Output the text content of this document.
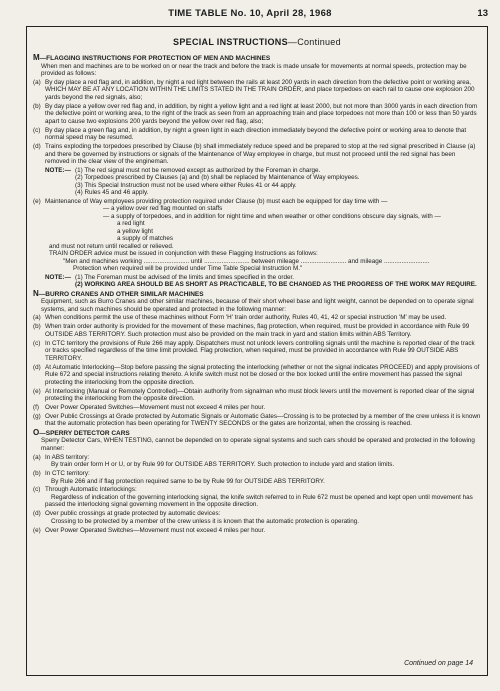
TIME TABLE No. 10, April 28, 1968	13
SPECIAL INSTRUCTIONS—Continued
M—FLAGGING INSTRUCTIONS FOR PROTECTION OF MEN AND MACHINES

When men and machines are to be worked on or near the track and before the track is made unsafe for movements at normal speeds, protection may be provided as follows:

(a) By day place a red flag and, in addition, by night a red light between the rails at least 200 yards in each direction from the defective point or working area, WHICH MAY BE AT ANY LOCATION WITHIN THE LIMITS STATED IN THE TRAIN ORDER, and place torpedoes on each rail to cause one explosion 200 yards beyond the red signals, also;
(b) By day place a yellow over red flag and, in addition, by night a yellow light and a red light at least 2000, but not more than 3000 yards in each direction from the defective point or working area, to the right of the track as seen from an approaching train and place torpedoes not more than 100 or less than 50 yards apart to cause two explosions 200 yards beyond the yellow over red flag, also;
(c) By day place a green flag and, in addition, by night a green light in each direction immediately beyond the defective point or working area to denote that normal speed may be resumed.
(d) Trains exploding the torpedoes prescribed by Clause (b) shall immediately reduce speed and be prepared to stop at the red signal prescribed in Clause (a) and there be governed by instructions or signals of the Maintenance of Way employee in charge, but must not proceed until the red signal has been removed in the clear view of the engineman.
NOTE:— (1) The red signal must not be removed except as authorized by the Foreman in charge.
(2) Torpedoes prescribed by Clauses (a) and (b) shall be replaced by Maintenance of Way employees.
(3) This Special Instruction must not be used where either Rules 41 or 44 apply.
(4) Rules 45 and 46 apply.
(e) Maintenance of Way employees providing protection required under Clause (b) must each be equipped for day time with —
— a yellow over red flag mounted on staffs
— a supply of torpedoes, and in addition for night time and when weather or other conditions obscure day signals, with —
a red light
a yellow light
a supply of matches

and must not return until recalled or relieved.

TRAIN ORDER advice must be issued in conjunction with these Flagging Instructions as follows:

"Men and machines working .......................... until .......................... between mileage .......................... and mileage ..........................

Protection when required will be provided under Time Table Special Instruction M."

NOTE:— (1) The Foreman must be advised of the limits and times specified in the order.
(2) WORKING AREA SHOULD BE AS SHORT AS PRACTICABLE, TO BE CHANGED AS THE PROGRESS OF THE WORK MAY REQUIRE.
N—BURRO CRANES AND OTHER SIMILAR MACHINES

Equipment, such as Burro Cranes and other similar machines, because of their short wheel base and light weight, cannot be depended on to operate signal systems, and such machines should be operated and protected in the following manner:

(a) When conditions permit the use of these machines without Form 'H' train order authority, Rules 40, 41, 42 or special instruction 'M' may be used.
(b) When train order authority is provided for the movement of these machines, flag protection, when required, must be provided in accordance with Rule 99 OUTSIDE ABS TERRITORY. Such protection must also be provided on the main track in yard and station limits within ABS Territory.
(c) In CTC territory the provisions of Rule 266 may apply. Dispatchers must not unlock levers controlling signals until the machine is reported clear of the track or tracks specified regardless of the time limit provided. Flag protection, when required, must be provided in accordance with Rule 99 OUTSIDE ABS TERRITORY.
(d) At Automatic Interlocking—Stop before passing the signal protecting the interlocking (whether or not the signal indicates PROCEED) and apply provisions of Rule 672 and special instructions relating thereto. A knife switch must not be closed or the box locked until the entire movement has passed the signal protecting the interlocking from the opposite direction.
(e) At Interlocking (Manual or Remotely Controlled)—Obtain authority from signalman who must block levers until the movement is reported clear of the signal protecting the interlocking from the opposite direction.
(f) Over Power Operated Switches—Movement must not exceed 4 miles per hour.
(g) Over Public Crossings at Grade protected by Automatic Signals or Automatic Gates—Crossing is to be protected by a member of the crew unless it is known that the automatic protection has been operating for TWENTY SECONDS or the gates are horizontal, when the crossing is reached.
O—SPERRY DETECTOR CARS

Sperry Detector Cars, WHEN TESTING, cannot be depended on to operate signal systems and such cars should be operated and protected in the following manner:

(a) In ABS territory:
By train order form H or U, or by Rule 99 for OUTSIDE ABS TERRITORY. Such protection to include yard and station limits.
(b) In CTC territory:
By Rule 266 and if flag protection required same to be by Rule 99 for OUTSIDE ABS TERRITORY.
(c) Through Automatic Interlockings:
Regardless of indication of the governing interlocking signal, the knife switch referred to in Rule 672 must be opened and kept open until movement has passed the interlocking signal governing movement in the opposite direction.
(d) Over public crossings at grade protected by automatic devices:
Crossing to be protected by a member of the crew unless it is known that the automatic protection is operating.
(e) Over Power Operated Switches—Movement must not exceed 4 miles per hour.
Continued on page 14
